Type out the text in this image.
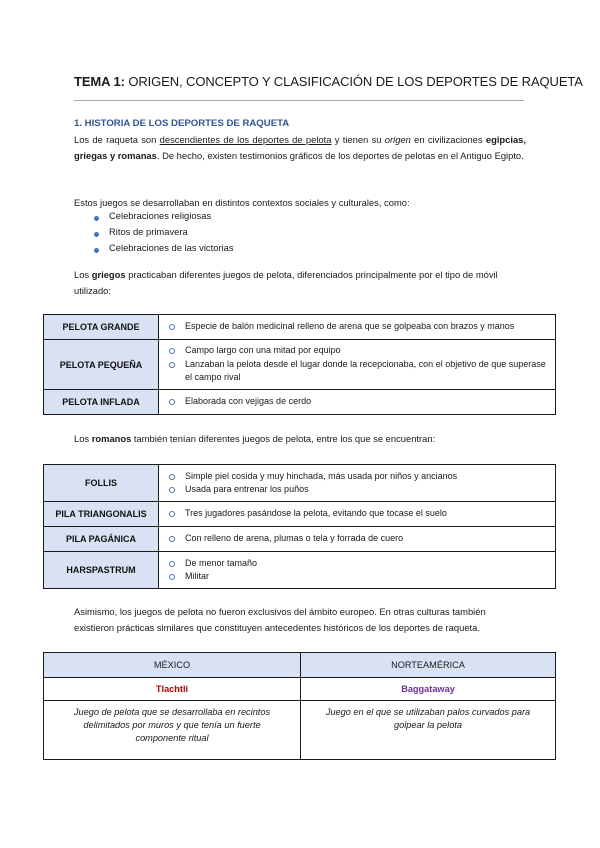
TEMA 1: ORIGEN, CONCEPTO Y CLASIFICACIÓN DE LOS DEPORTES DE RAQUETA
1. HISTORIA DE LOS DEPORTES DE RAQUETA
Los de raqueta son descendientes de los deportes de pelota y tienen su origen en civilizaciones egipcias, griegas y romanas. De hecho, existen testimonios gráficos de los deportes de pelotas en el Antiguo Egipto.
Estos juegos se desarrollaban en distintos contextos sociales y culturales, como:
Celebraciones religiosas
Ritos de primavera
Celebraciones de las victorias
Los griegos practicaban diferentes juegos de pelota, diferenciados principalmente por el tipo de móvil utilizado:
PELOTA GRANDE	Especie de balón medicinal relleno de arena que se golpeaba con brazos y manos

PELOTA PEQUEÑA	Campo largo con una mitad por equipo
Lanzaban la pelota desde el lugar donde la recepcionaba, con el objetivo de que superase el campo rival

PELOTA INFLADA	Elaborada con vejigas de cerdo
Los romanos también tenían diferentes juegos de pelota, entre los que se encuentran:
FOLLIS	Simple piel cosida y muy hinchada, más usada por niños y ancianos
Usada para entrenar los puños

PILA TRIANGONALIS	Tres jugadores pasándose la pelota, evitando que tocase el suelo

PILA PAGÁNICA	Con relleno de arena, plumas o tela y forrada de cuero

HARSPASTRUM	De menor tamaño
Militar
Asimismo, los juegos de pelota no fueron exclusivos del ámbito europeo. En otras culturas también existieron prácticas similares que constituyen antecedentes históricos de los deportes de raqueta.
MÉXICO	NORTEAMÉRICA
Tlachtli	Baggataway
Juego de pelota que se desarrollaba en recintos delimitados por muros y que tenía un fuerte componente ritual	Juego en el que se utilizaban palos curvados para golpear la pelota
